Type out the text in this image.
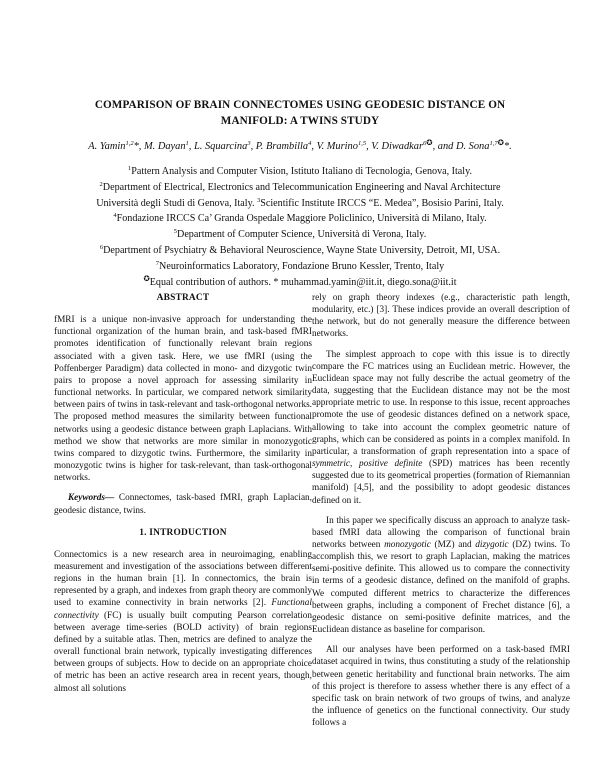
COMPARISON OF BRAIN CONNECTOMES USING GEODESIC DISTANCE ON
MANIFOLD: A TWINS STUDY
A. Yamin$^{1,2}$*, M. Dayan$^1$, L. Squarcina$^3$, P. Brambilla$^4$, V. Murino$^{1,5}$, V. Diwadkar$^{6✪}$, and D. Sona$^{1,7✪}$*.
$^1$Pattern Analysis and Computer Vision, Istituto Italiano di Tecnologia, Genova, Italy.
$^2$Department of Electrical, Electronics and Telecommunication Engineering and Naval Architecture
Università degli Studi di Genova, Italy. $^3$Scientific Institute IRCCS “E. Medea”, Bosisio Parini, Italy.
$^4$Fondazione IRCCS Ca’ Granda Ospedale Maggiore Policlinico, Università di Milano, Italy.
$^5$Department of Computer Science, Università di Verona, Italy.
$^6$Department of Psychiatry & Behavioral Neuroscience, Wayne State University, Detroit, MI, USA.
$^7$Neuroinformatics Laboratory, Fondazione Bruno Kessler, Trento, Italy
✪Equal contribution of authors. * muhammad.yamin@iit.it, diego.sona@iit.it
ABSTRACT

fMRI is a unique non-invasive approach for understanding the functional organization of the human brain, and task-based fMRI promotes identification of functionally relevant brain regions associated with a given task. Here, we use fMRI (using the Poffenberger Paradigm) data collected in mono- and dizygotic twin pairs to propose a novel approach for assessing similarity in functional networks. In particular, we compared network similarity between pairs of twins in task-relevant and task-orthogonal networks. The proposed method measures the similarity between functional networks using a geodesic distance between graph Laplacians. With method we show that networks are more similar in monozygotic twins compared to dizygotic twins. Furthermore, the similarity in monozygotic twins is higher for task-relevant, than task-orthogonal networks.

Keywords— Connectomes, task-based fMRI, graph Laplacian, geodesic distance, twins.

1. INTRODUCTION

Connectomics is a new research area in neuroimaging, enabling measurement and investigation of the associations between different regions in the human brain [1]. In connectomics, the brain is represented by a graph, and indexes from graph theory are commonly used to examine connectivity in brain networks [2]. Functional connectivity (FC) is usually built computing Pearson correlation between average time-series (BOLD activity) of brain regions defined by a suitable atlas. Then, metrics are defined to analyze the overall functional brain network, typically investigating differences between groups of subjects. How to decide on an appropriate choice of metric has been an active research area in recent years, though, almost all solutions

rely on graph theory indexes (e.g., characteristic path length, modularity, etc.) [3]. These indices provide an overall description of the network, but do not generally measure the difference between networks.

The simplest approach to cope with this issue is to directly compare the FC matrices using an Euclidean metric. However, the Euclidean space may not fully describe the actual geometry of the data, suggesting that the Euclidean distance may not be the most appropriate metric to use. In response to this issue, recent approaches promote the use of geodesic distances defined on a network space, allowing to take into account the complex geometric nature of graphs, which can be considered as points in a complex manifold. In particular, a transformation of graph representation into a space of symmetric, positive definite (SPD) matrices has been recently suggested due to its geometrical properties (formation of Riemannian manifold) [4,5], and the possibility to adopt geodesic distances defined on it.

In this paper we specifically discuss an approach to analyze task-based fMRI data allowing the comparison of functional brain networks between monozygotic (MZ) and dizygotic (DZ) twins. To accomplish this, we resort to graph Laplacian, making the matrices semi-positive definite. This allowed us to compare the connectivity in terms of a geodesic distance, defined on the manifold of graphs. We computed different metrics to characterize the differences between graphs, including a component of Frechet distance [6], a geodesic distance on semi-positive definite matrices, and the Euclidean distance as baseline for comparison.

All our analyses have been performed on a task-based fMRI dataset acquired in twins, thus constituting a study of the relationship between genetic heritability and functional brain networks. The aim of this project is therefore to assess whether there is any effect of a specific task on brain network of two groups of twins, and analyze the influence of genetics on the functional connectivity. Our study follows a
